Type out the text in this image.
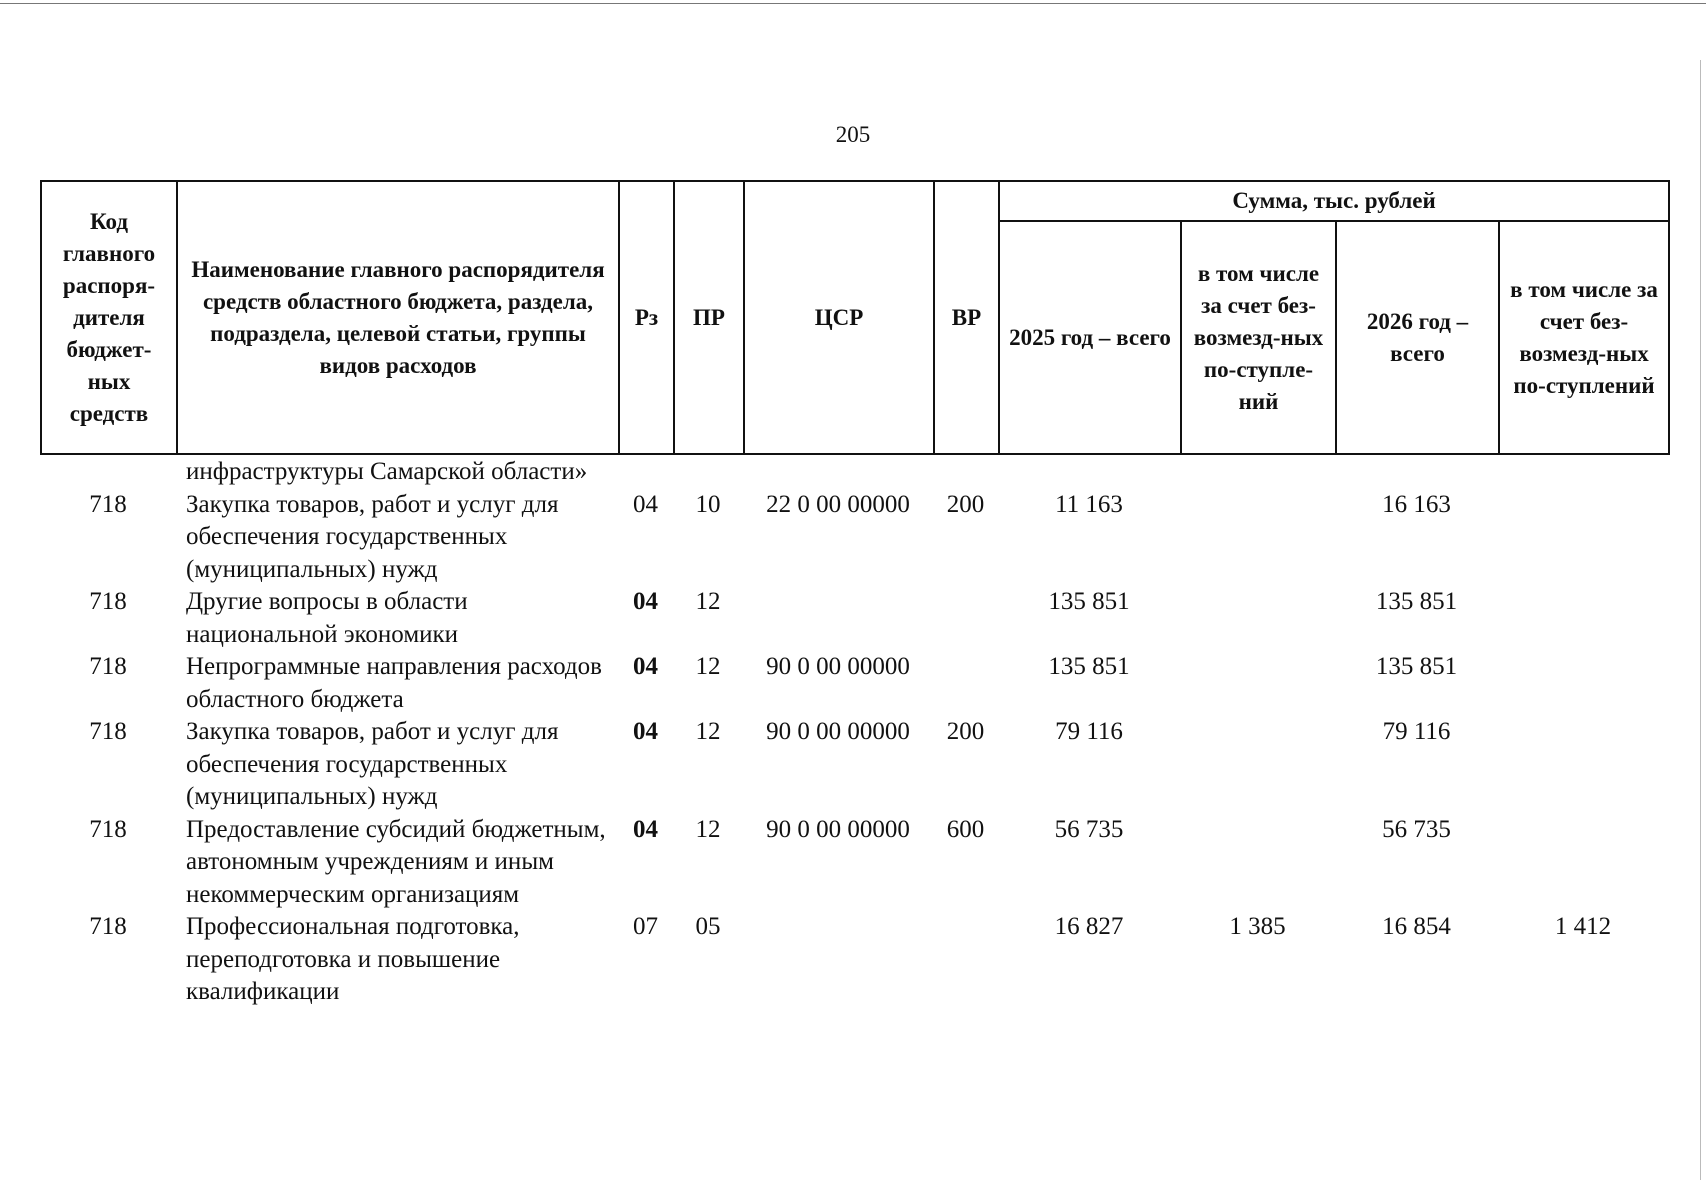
205
Код главного распоря-дителя бюджет-ных средств	Наименование главного распорядителя средств областного бюджета, раздела, подраздела, целевой статьи, группы видов расходов	Рз	ПР	ЦСР	ВР	Сумма, тыс. рублей			
						2025 год – всего	в том числе за счет без-возмезд-ных по-ступле-ний	2026 год – всего	в том числе за счет без-возмезд-ных по-ступлений
	инфраструктуры Самарской области»								
718	Закупка товаров, работ и услуг для обеспечения государственных (муниципальных) нужд	04	10	22 0 00 00000	200	11 163		16 163	
718	Другие вопросы в области национальной экономики	04	12			135 851		135 851	
718	Непрограммные направления расходов областного бюджета	04	12	90 0 00 00000		135 851		135 851	
718	Закупка товаров, работ и услуг для обеспечения государственных (муниципальных) нужд	04	12	90 0 00 00000	200	79 116		79 116	
718	Предоставление субсидий бюджетным, автономным учреждениям и иным некоммерческим организациям	04	12	90 0 00 00000	600	56 735		56 735	
718	Профессиональная подготовка, переподготовка и повышение квалификации	07	05			16 827	1 385	16 854	1 412
